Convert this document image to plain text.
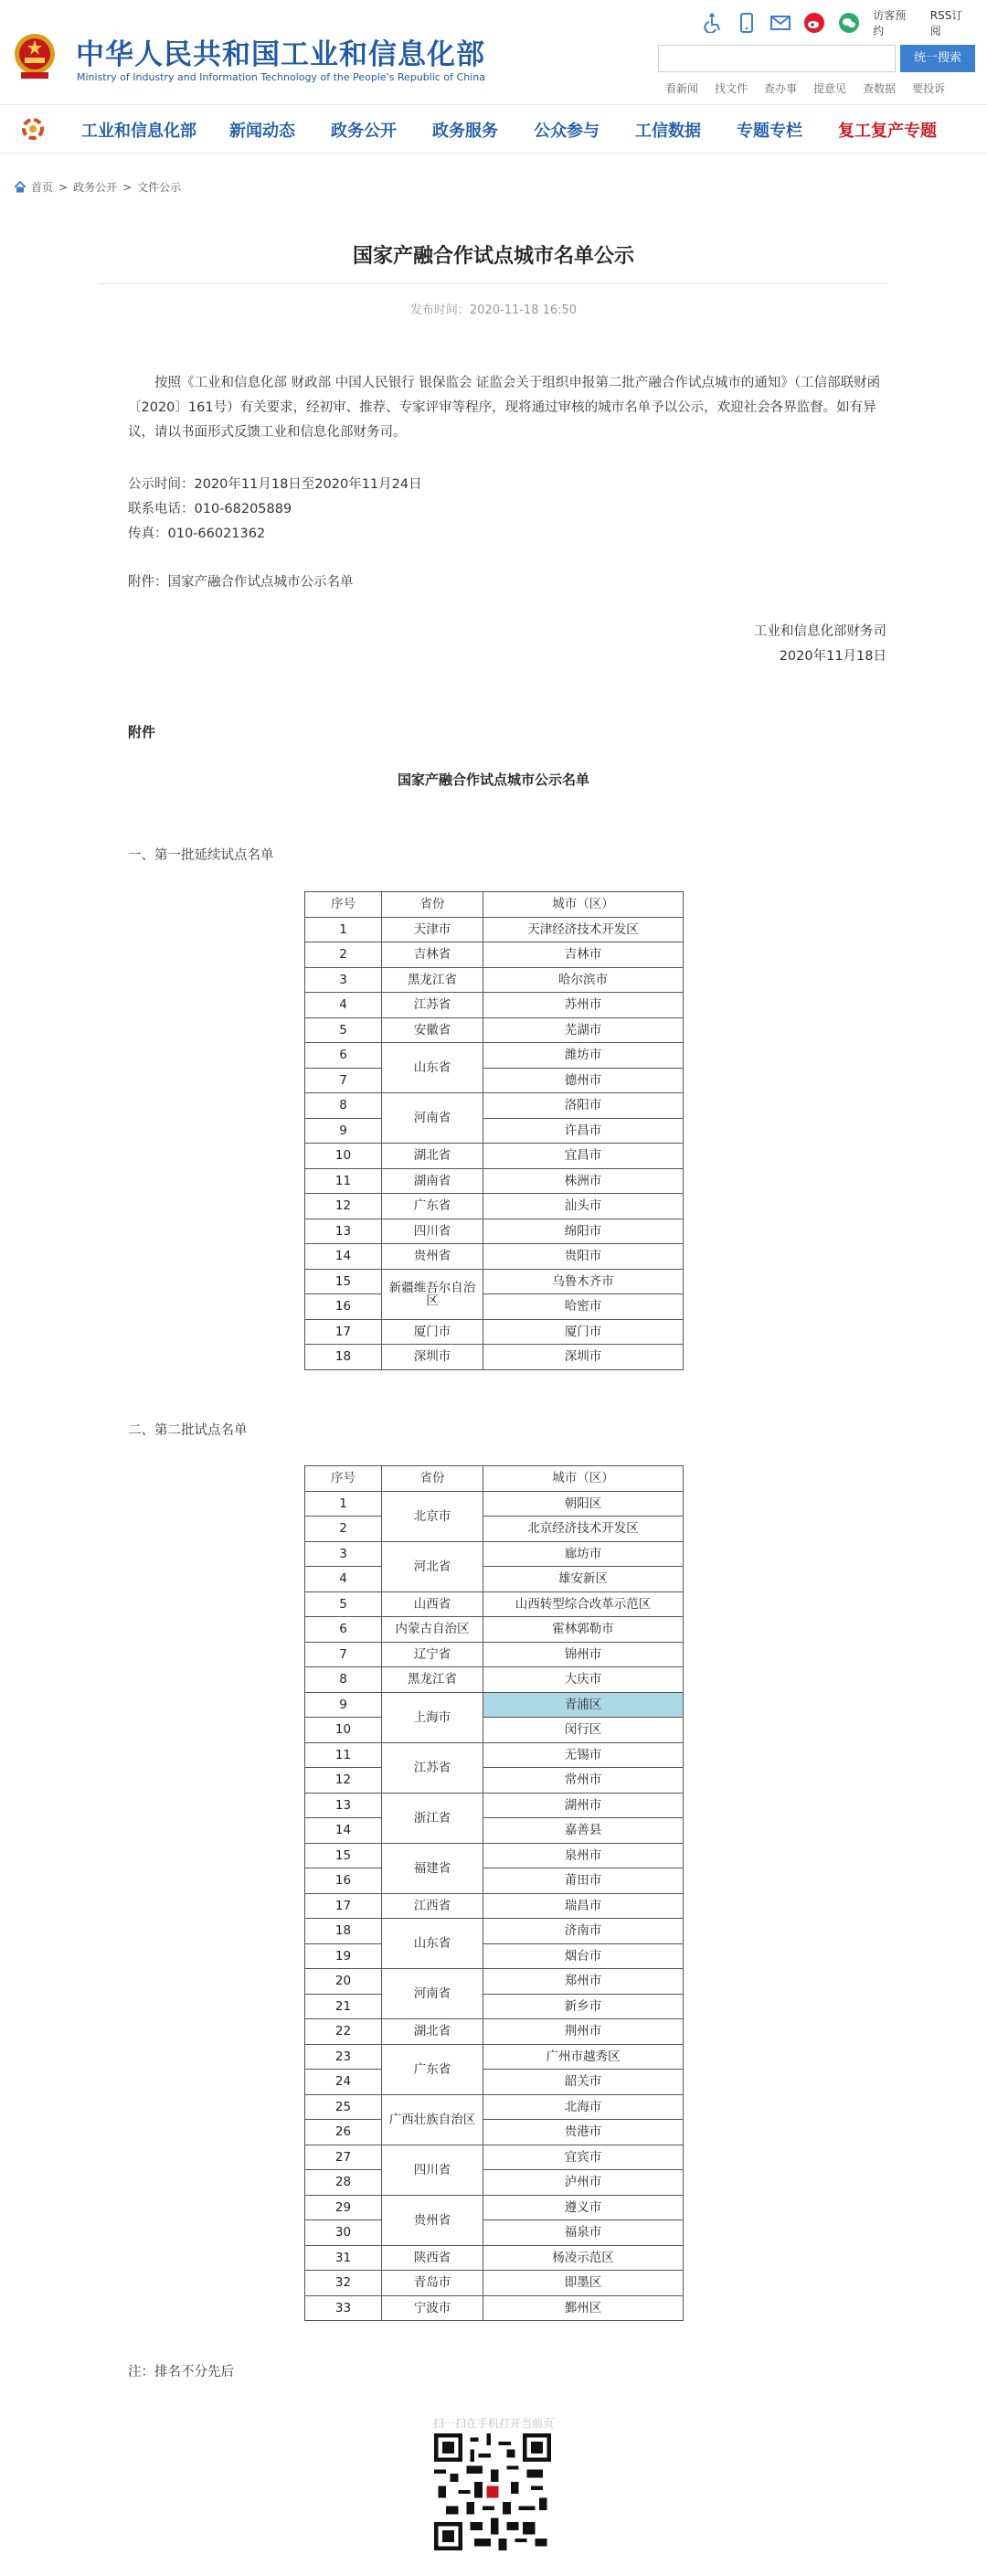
中华人民共和国工业和信息化部
Ministry of Industry and Information Technology of the People's Republic of China
访客预约
RSS订阅
统一搜索
看新闻 找文件 查办事 提意见 查数据 要投诉
工业和信息化部 新闻动态 政务公开 政务服务 公众参与 工信数据 专题专栏 复工复产专题
首页 > 政务公开 > 文件公示
国家产融合作试点城市名单公示
发布时间：2020-11-18 16:50
按照《工业和信息化部 财政部 中国人民银行 银保监会 证监会关于组织申报第二批产融合作试点城市的通知》（工信部联财函〔2020〕161号）有关要求，经初审、推荐、专家评审等程序，现将通过审核的城市名单予以公示，欢迎社会各界监督。如有异议，请以书面形式反馈工业和信息化部财务司。
公示时间：2020年11月18日至2020年11月24日
联系电话：010-68205889
传真：010-66021362
附件：国家产融合作试点城市公示名单
工业和信息化部财务司
2020年11月18日
附件
国家产融合作试点城市公示名单
一、第一批延续试点名单
序号	省份	城市（区）
1	天津市	天津经济技术开发区
2	吉林省	吉林市
3	黑龙江省	哈尔滨市
4	江苏省	苏州市
5	安徽省	芜湖市
6	山东省	潍坊市
7		德州市
8	河南省	洛阳市
9		许昌市
10	湖北省	宜昌市
11	湖南省	株洲市
12	广东省	汕头市
13	四川省	绵阳市
14	贵州省	贵阳市
15	新疆维吾尔自治区	乌鲁木齐市
16		哈密市
17	厦门市	厦门市
18	深圳市	深圳市
二、第二批试点名单
序号	省份	城市（区）
1	北京市	朝阳区
2		北京经济技术开发区
3	河北省	廊坊市
4		雄安新区
5	山西省	山西转型综合改革示范区
6	内蒙古自治区	霍林郭勒市
7	辽宁省	锦州市
8	黑龙江省	大庆市
9	上海市	青浦区
10		闵行区
11	江苏省	无锡市
12		常州市
13	浙江省	湖州市
14		嘉善县
15	福建省	泉州市
16		莆田市
17	江西省	瑞昌市
18	山东省	济南市
19		烟台市
20	河南省	郑州市
21		新乡市
22	湖北省	荆州市
23	广东省	广州市越秀区
24		韶关市
25	广西壮族自治区	北海市
26		贵港市
27	四川省	宜宾市
28		泸州市
29	贵州省	遵义市
30		福泉市
31	陕西省	杨凌示范区
32	青岛市	即墨区
33	宁波市	鄞州区
注：排名不分先后
扫一扫在手机打开当前页
